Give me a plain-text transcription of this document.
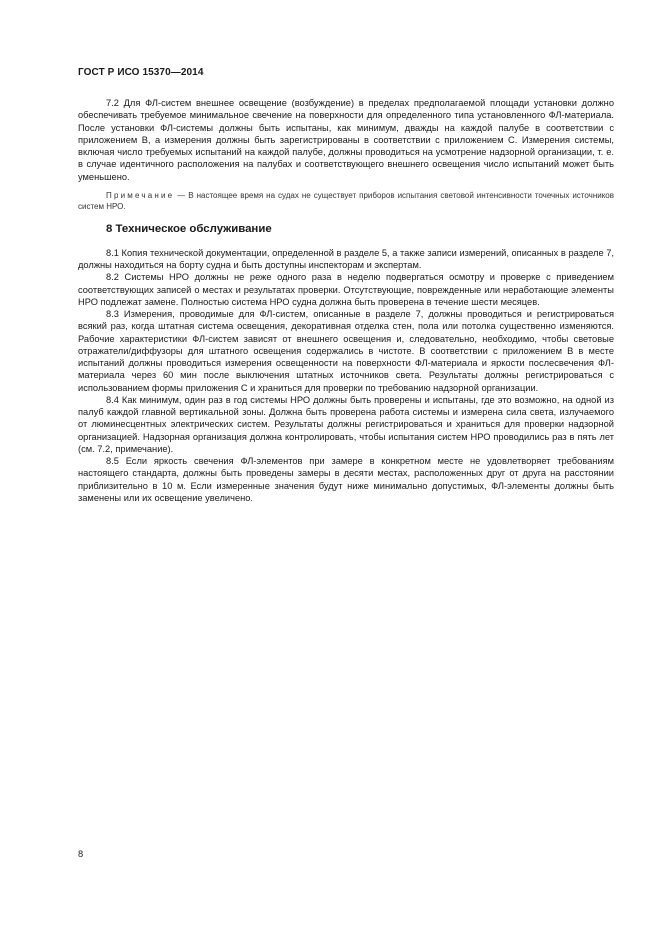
ГОСТ Р ИСО 15370—2014

7.2 Для ФЛ-систем внешнее освещение (возбуждение) в пределах предполагаемой площади установки должно обеспечивать требуемое минимальное свечение на поверхности для определенного типа установленного ФЛ-материала. После установки ФЛ-системы должны быть испытаны, как минимум, дважды на каждой палубе в соответствии с приложением В, а измерения должны быть зарегистрированы в соответствии с приложением С. Измерения системы, включая число требуемых испытаний на каждой палубе, должны проводиться на усмотрение надзорной организации, т. е. в случае идентичного расположения на палубах и соответствующего внешнего освещения число испытаний может быть уменьшено.

Примечание — В настоящее время на судах не существует приборов испытания световой интенсивности точечных источников систем НРО.

8 Техническое обслуживание

8.1 Копия технической документации, определенной в разделе 5, а также записи измерений, описанных в разделе 7, должны находиться на борту судна и быть доступны инспекторам и экспертам.

8.2 Системы НРО должны не реже одного раза в неделю подвергаться осмотру и проверке с приведением соответствующих записей о местах и результатах проверки. Отсутствующие, поврежденные или неработающие элементы НРО подлежат замене. Полностью система НРО судна должна быть проверена в течение шести месяцев.

8.3 Измерения, проводимые для ФЛ-систем, описанные в разделе 7, должны проводиться и регистрироваться всякий раз, когда штатная система освещения, декоративная отделка стен, пола или потолка существенно изменяются. Рабочие характеристики ФЛ-систем зависят от внешнего освещения и, следовательно, необходимо, чтобы световые отражатели/диффузоры для штатного освещения содержались в чистоте. В соответствии с приложением В в месте испытаний должны проводиться измерения освещенности на поверхности ФЛ-материала и яркости послесвечения ФЛ-материала через 60 мин после выключения штатных источников света. Результаты должны регистрироваться с использованием формы приложения С и храниться для проверки по требованию надзорной организации.

8.4 Как минимум, один раз в год системы НРО должны быть проверены и испытаны, где это возможно, на одной из палуб каждой главной вертикальной зоны. Должна быть проверена работа системы и измерена сила света, излучаемого от люминесцентных электрических систем. Результаты должны регистрироваться и храниться для проверки надзорной организацией. Надзорная организация должна контролировать, чтобы испытания систем НРО проводились раз в пять лет (см. 7.2, примечание).

8.5 Если яркость свечения ФЛ-элементов при замере в конкретном месте не удовлетворяет требованиям настоящего стандарта, должны быть проведены замеры в десяти местах, расположенных друг от друга на расстоянии приблизительно в 10 м. Если измеренные значения будут ниже минимально допустимых, ФЛ-элементы должны быть заменены или их освещение увеличено.

8
